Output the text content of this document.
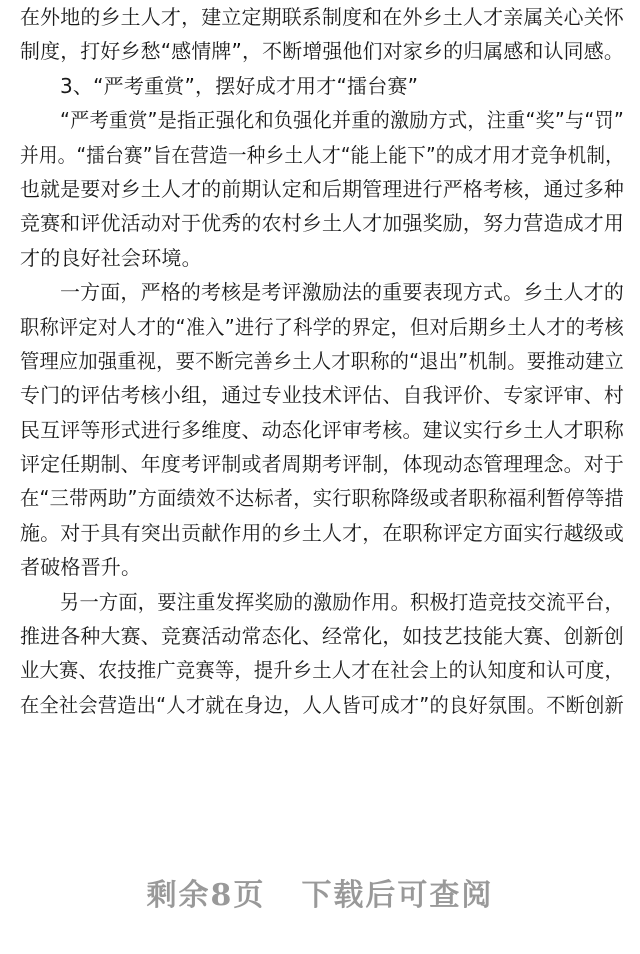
在外地的乡土人才，建立定期联系制度和在外乡土人才亲属关心关怀
制度，打好乡愁“感情牌”，不断增强他们对家乡的归属感和认同感。
3、“严考重赏”，摆好成才用才“擂台赛”
“严考重赏”是指正强化和负强化并重的激励方式，注重“奖”与“罚”
并用。“擂台赛”旨在营造一种乡土人才“能上能下”的成才用才竞争机制，
也就是要对乡土人才的前期认定和后期管理进行严格考核，通过多种
竞赛和评优活动对于优秀的农村乡土人才加强奖励，努力营造成才用
才的良好社会环境。
一方面，严格的考核是考评激励法的重要表现方式。乡土人才的
职称评定对人才的“准入”进行了科学的界定，但对后期乡土人才的考核
管理应加强重视，要不断完善乡土人才职称的“退出”机制。要推动建立
专门的评估考核小组，通过专业技术评估、自我评价、专家评审、村
民互评等形式进行多维度、动态化评审考核。建议实行乡土人才职称
评定任期制、年度考评制或者周期考评制，体现动态管理理念。对于
在“三带两助”方面绩效不达标者，实行职称降级或者职称福利暂停等措
施。对于具有突出贡献作用的乡土人才，在职称评定方面实行越级或
者破格晋升。
另一方面，要注重发挥奖励的激励作用。积极打造竞技交流平台，
推进各种大赛、竞赛活动常态化、经常化，如技艺技能大赛、创新创
业大赛、农技推广竞赛等，提升乡土人才在社会上的认知度和认可度，
在全社会营造出“人才就在身边，人人皆可成才”的良好氛围。不断创新
剩余8页 下载后可查阅
